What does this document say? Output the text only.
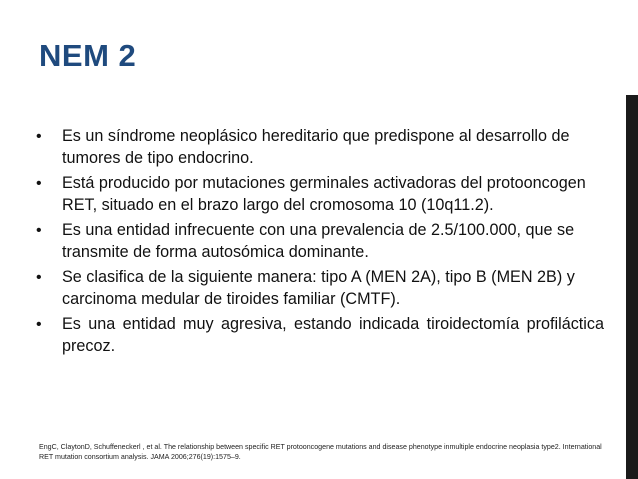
NEM 2
• Es un síndrome neoplásico hereditario que predispone al desarrollo de tumores de tipo endocrino.
• Está producido por mutaciones germinales activadoras del protooncogen RET, situado en el brazo largo del cromosoma 10 (10q11.2).
• Es una entidad infrecuente con una prevalencia de 2.5/100.000, que se transmite de forma autosómica dominante.
• Se clasifica de la siguiente manera: tipo A (MEN 2A), tipo B (MEN 2B) y carcinoma medular de tiroides familiar (CMTF).
• Es una entidad muy agresiva, estando indicada tiroidectomía profiláctica precoz.

EngC, ClaytonD, Schuffeneckerl , et al. The relationship between specific RET protooncogene mutations and disease phenotype inmultiple endocrine neoplasia type2. International RET mutation consortium analysis. JAMA 2006;276(19):1575–9.
